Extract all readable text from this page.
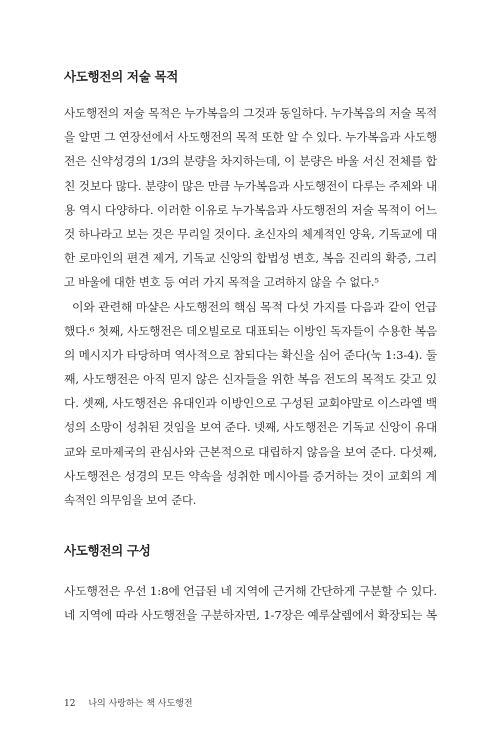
사도행전의 저술 목적
사도행전의 저술 목적은 누가복음의 그것과 동일하다. 누가복음의 저술 목적
을 알면 그 연장선에서 사도행전의 목적 또한 알 수 있다. 누가복음과 사도행
전은 신약성경의 1/3의 분량을 차지하는데, 이 분량은 바울 서신 전체를 합
친 것보다 많다. 분량이 많은 만큼 누가복음과 사도행전이 다루는 주제와 내
용 역시 다양하다. 이러한 이유로 누가복음과 사도행전의 저술 목적이 어느
것 하나라고 보는 것은 무리일 것이다. 초신자의 체계적인 양육, 기독교에 대
한 로마인의 편견 제거, 기독교 신앙의 합법성 변호, 복음 진리의 확증, 그리
고 바울에 대한 변호 등 여러 가지 목적을 고려하지 않을 수 없다.⁵
이와 관련해 마샬은 사도행전의 핵심 목적 다섯 가지를 다음과 같이 언급
했다.⁶ 첫째, 사도행전은 데오빌로로 대표되는 이방인 독자들이 수용한 복음
의 메시지가 타당하며 역사적으로 참되다는 확신을 심어 준다(눅 1:3-4). 둘
째, 사도행전은 아직 믿지 않은 신자들을 위한 복음 전도의 목적도 갖고 있
다. 셋째, 사도행전은 유대인과 이방인으로 구성된 교회야말로 이스라엘 백
성의 소망이 성취된 것임을 보여 준다. 넷째, 사도행전은 기독교 신앙이 유대
교와 로마제국의 관심사와 근본적으로 대립하지 않음을 보여 준다. 다섯째,
사도행전은 성경의 모든 약속을 성취한 메시아를 증거하는 것이 교회의 계
속적인 의무임을 보여 준다.
사도행전의 구성
사도행전은 우선 1:8에 언급된 네 지역에 근거해 간단하게 구분할 수 있다.
네 지역에 따라 사도행전을 구분하자면, 1-7장은 예루살렘에서 확장되는 복
12 나의 사랑하는 책 사도행전
